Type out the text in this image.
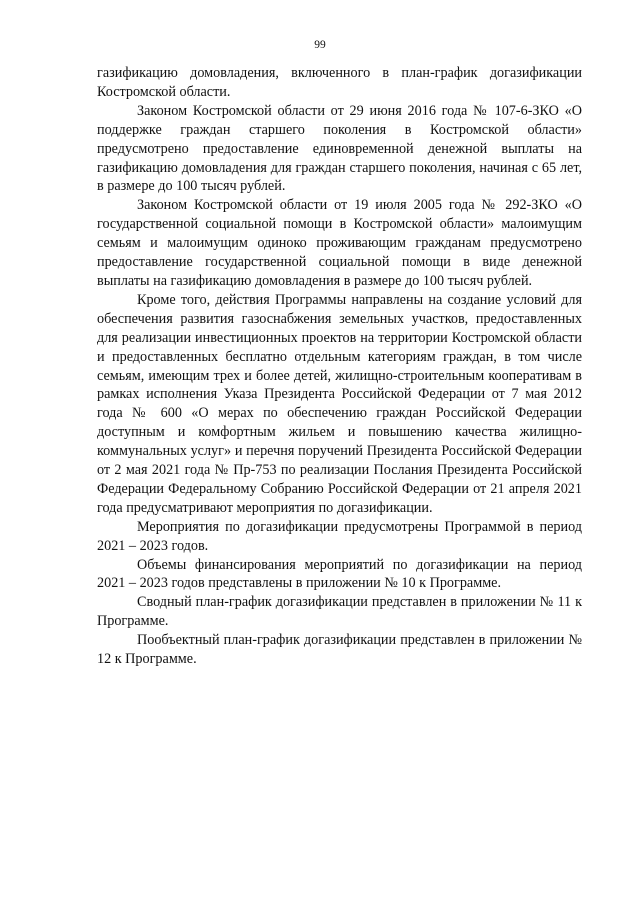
99

газификацию домовладения, включенного в план-график догазификации Костромской области.

Законом Костромской области от 29 июня 2016 года № 107-6-ЗКО «О поддержке граждан старшего поколения в Костромской области» предусмотрено предоставление единовременной денежной выплаты на газификацию домовладения для граждан старшего поколения, начиная с 65 лет, в размере до 100 тысяч рублей.

Законом Костромской области от 19 июля 2005 года № 292-ЗКО «О государственной социальной помощи в Костромской области» малоимущим семьям и малоимущим одиноко проживающим гражданам предусмотрено предоставление государственной социальной помощи в виде денежной выплаты на газификацию домовладения в размере до 100 тысяч рублей.

Кроме того, действия Программы направлены на создание условий для обеспечения развития газоснабжения земельных участков, предоставленных для реализации инвестиционных проектов на территории Костромской области и предоставленных бесплатно отдельным категориям граждан, в том числе семьям, имеющим трех и более детей, жилищно-строительным кооперативам в рамках исполнения Указа Президента Российской Федерации от 7 мая 2012 года № 600 «О мерах по обеспечению граждан Российской Федерации доступным и комфортным жильем и повышению качества жилищно-коммунальных услуг» и перечня поручений Президента Российской Федерации от 2 мая 2021 года № Пр-753 по реализации Послания Президента Российской Федерации Федеральному Собранию Российской Федерации от 21 апреля 2021 года предусматривают мероприятия по догазификации.

Мероприятия по догазификации предусмотрены Программой в период 2021 – 2023 годов.

Объемы финансирования мероприятий по догазификации на период 2021 – 2023 годов представлены в приложении № 10 к Программе.

Сводный план-график догазификации представлен в приложении № 11 к Программе.

Пообъектный план-график догазификации представлен в приложении № 12 к Программе.
